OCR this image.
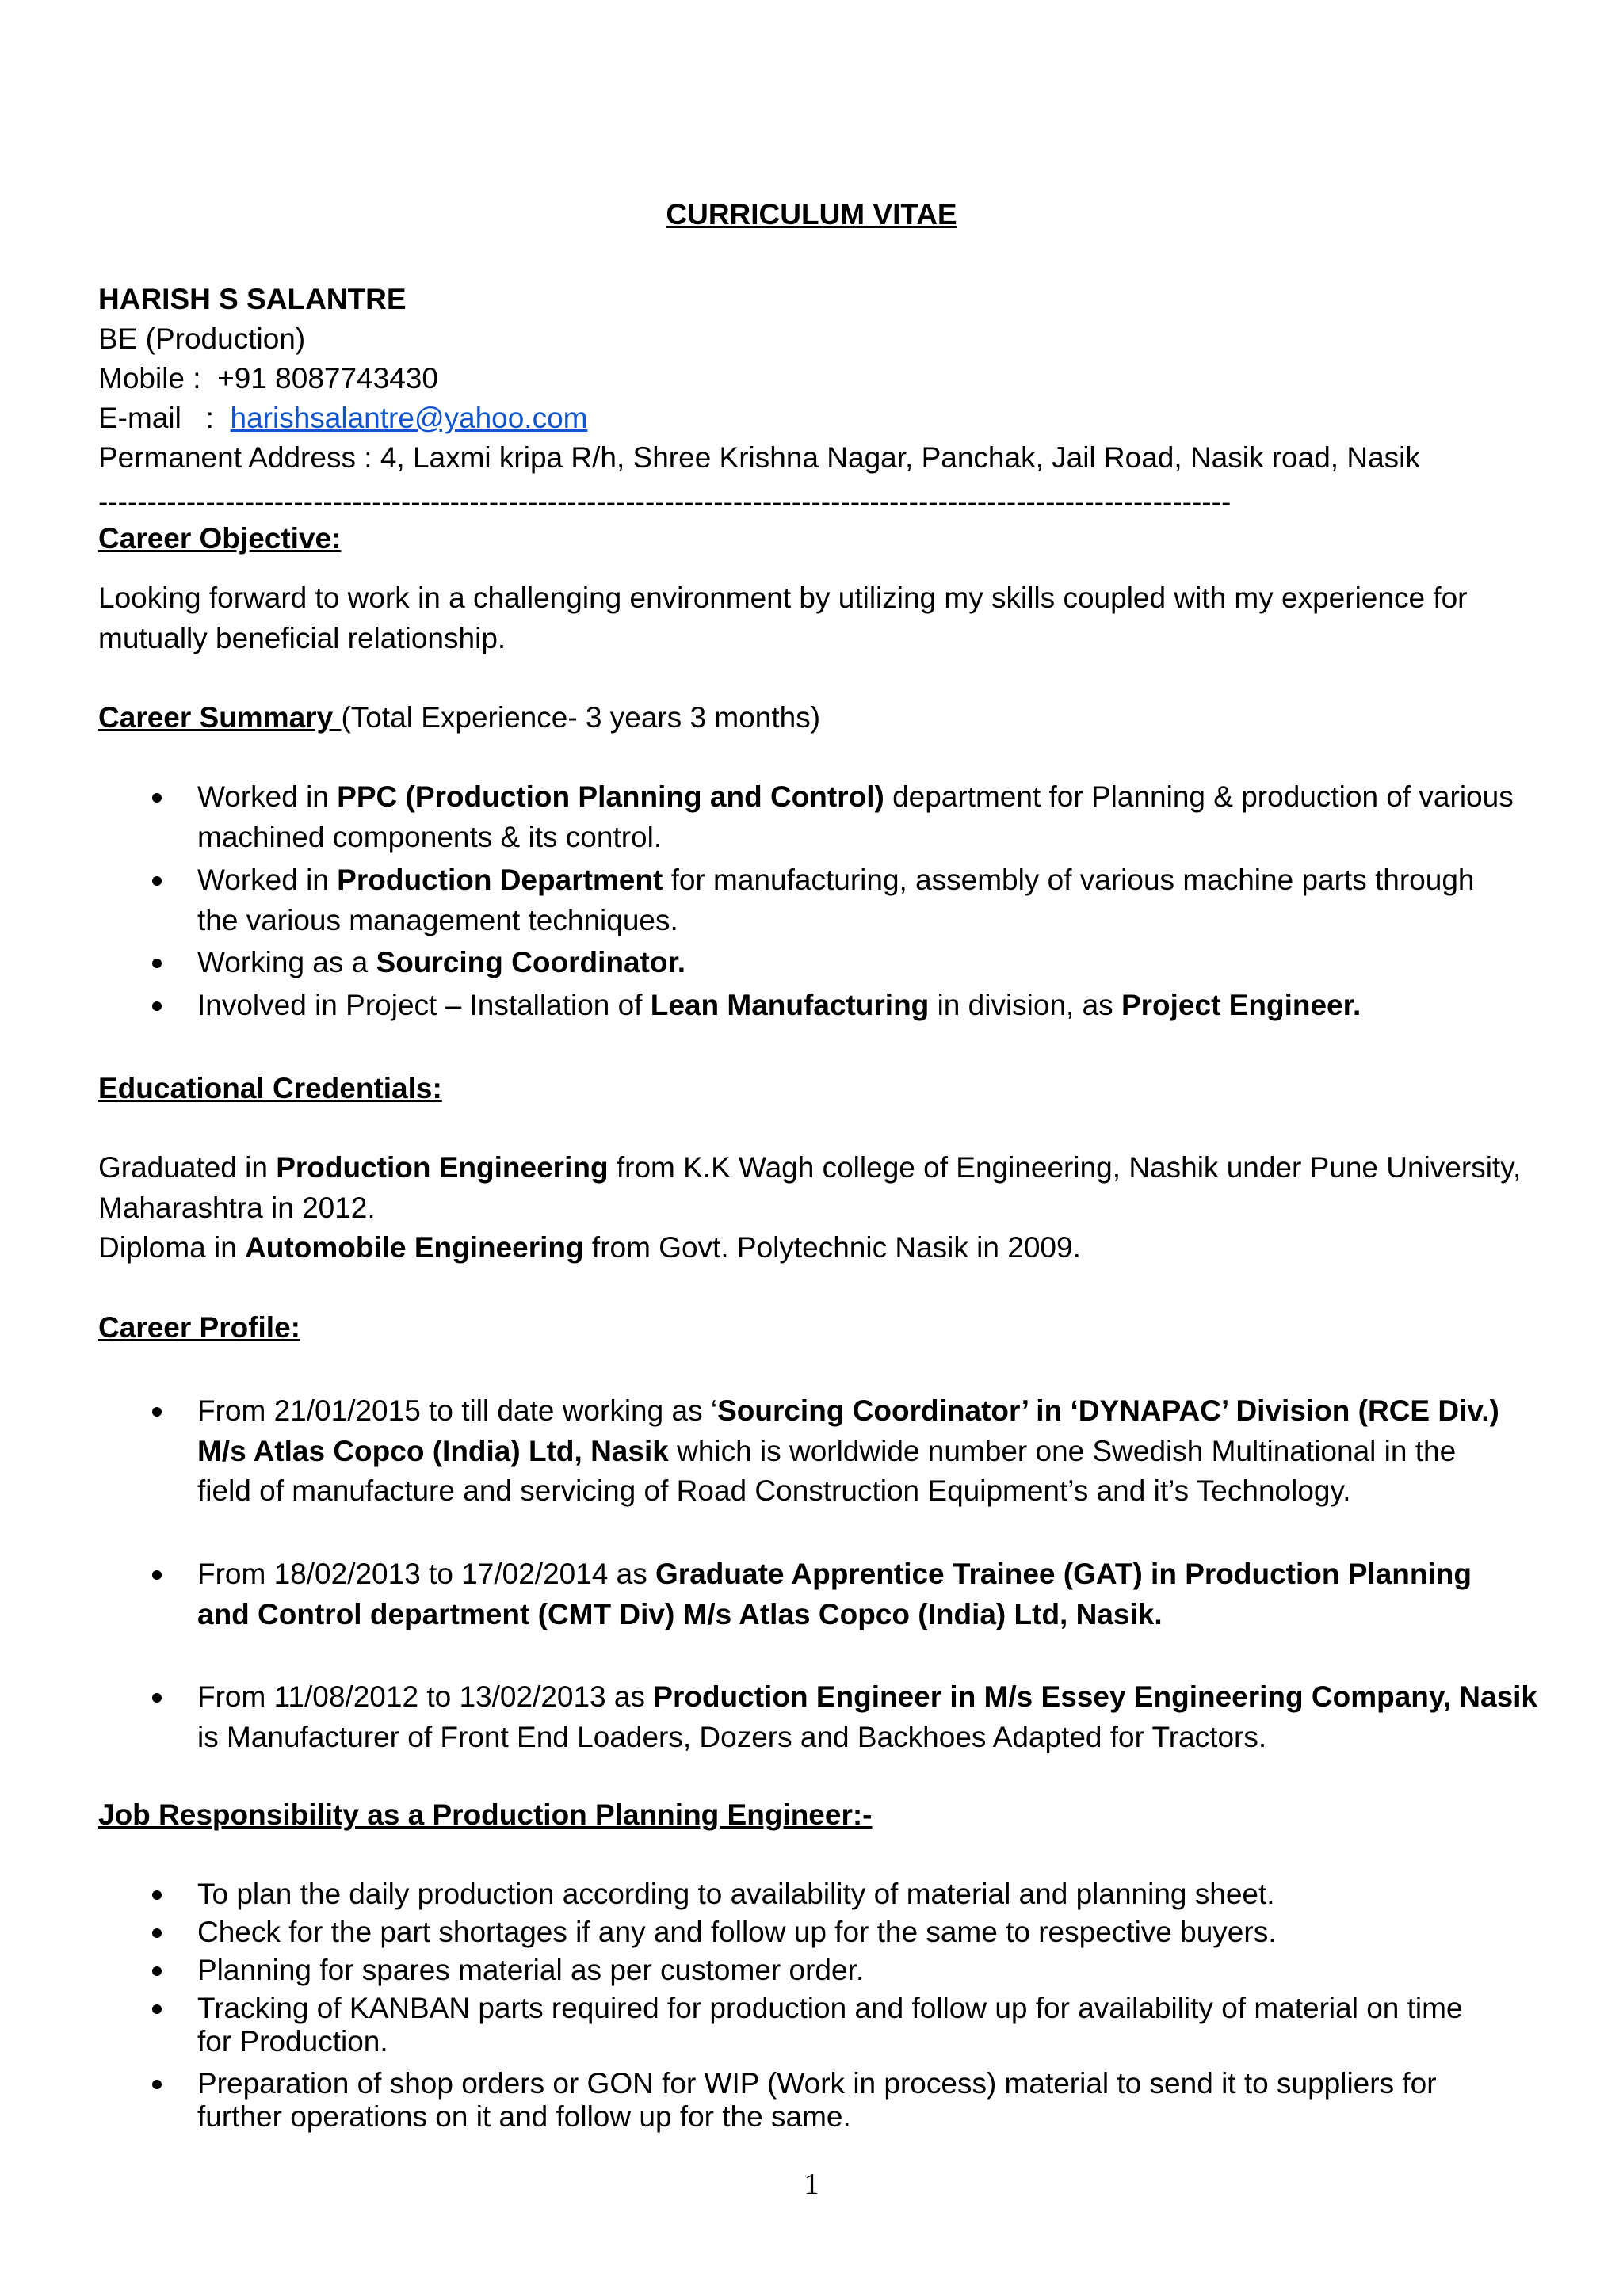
CURRICULUM VITAE
HARISH S SALANTRE
BE (Production)
Mobile :  +91 8087743430
E-mail   :  harishsalantre@yahoo.com
Permanent Address : 4, Laxmi kripa R/h, Shree Krishna Nagar, Panchak, Jail Road, Nasik road, Nasik
--------------------------------------------------------------------------------------------------------------------
Career Objective:
Looking forward to work in a challenging environment by utilizing my skills coupled with my experience for
mutually beneficial relationship.
Career Summary (Total Experience- 3 years 3 months)
Worked in PPC (Production Planning and Control) department for Planning & production of various
machined components & its control.
Worked in Production Department for manufacturing, assembly of various machine parts through
the various management techniques.
Working as a Sourcing Coordinator.
Involved in Project – Installation of Lean Manufacturing in division, as Project Engineer.
Educational Credentials:
Graduated in Production Engineering from K.K Wagh college of Engineering, Nashik under Pune University,
Maharashtra in 2012.
Diploma in Automobile Engineering from Govt. Polytechnic Nasik in 2009.
Career Profile:
From 21/01/2015 to till date working as ‘Sourcing Coordinator’ in ‘DYNAPAC’ Division (RCE Div.)
M/s Atlas Copco (India) Ltd, Nasik which is worldwide number one Swedish Multinational in the
field of manufacture and servicing of Road Construction Equipment’s and it’s Technology.
From 18/02/2013 to 17/02/2014 as Graduate Apprentice Trainee (GAT) in Production Planning
and Control department (CMT Div) M/s Atlas Copco (India) Ltd, Nasik.
From 11/08/2012 to 13/02/2013 as Production Engineer in M/s Essey Engineering Company, Nasik
is Manufacturer of Front End Loaders, Dozers and Backhoes Adapted for Tractors.
Job Responsibility as a Production Planning Engineer:-
To plan the daily production according to availability of material and planning sheet.
Check for the part shortages if any and follow up for the same to respective buyers.
Planning for spares material as per customer order.
Tracking of KANBAN parts required for production and follow up for availability of material on time
for Production.
Preparation of shop orders or GON for WIP (Work in process) material to send it to suppliers for
further operations on it and follow up for the same.
1
